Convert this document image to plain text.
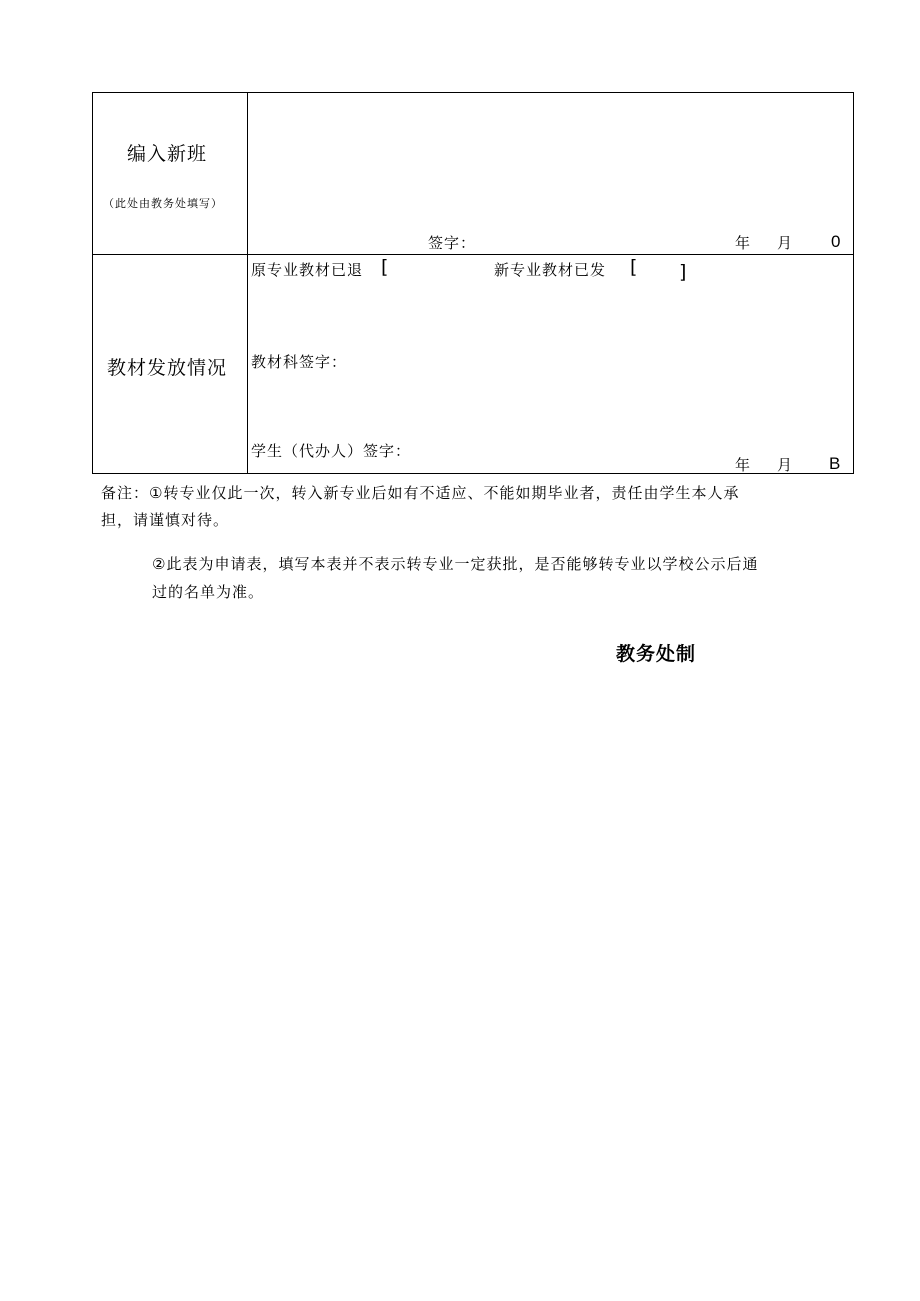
编入新班
（此处由教务处填写）
签字：	年 月 0
教材发放情况
原专业教材已退 [	新专业教材已发 [ ]
教材科签字：
学生（代办人）签字：
年 月 B
备注：①转专业仅此一次，转入新专业后如有不适应、不能如期毕业者，责任由学生本人承
担，请谨慎对待。
②此表为申请表，填写本表并不表示转专业一定获批，是否能够转专业以学校公示后通
过的名单为准。
教务处制
